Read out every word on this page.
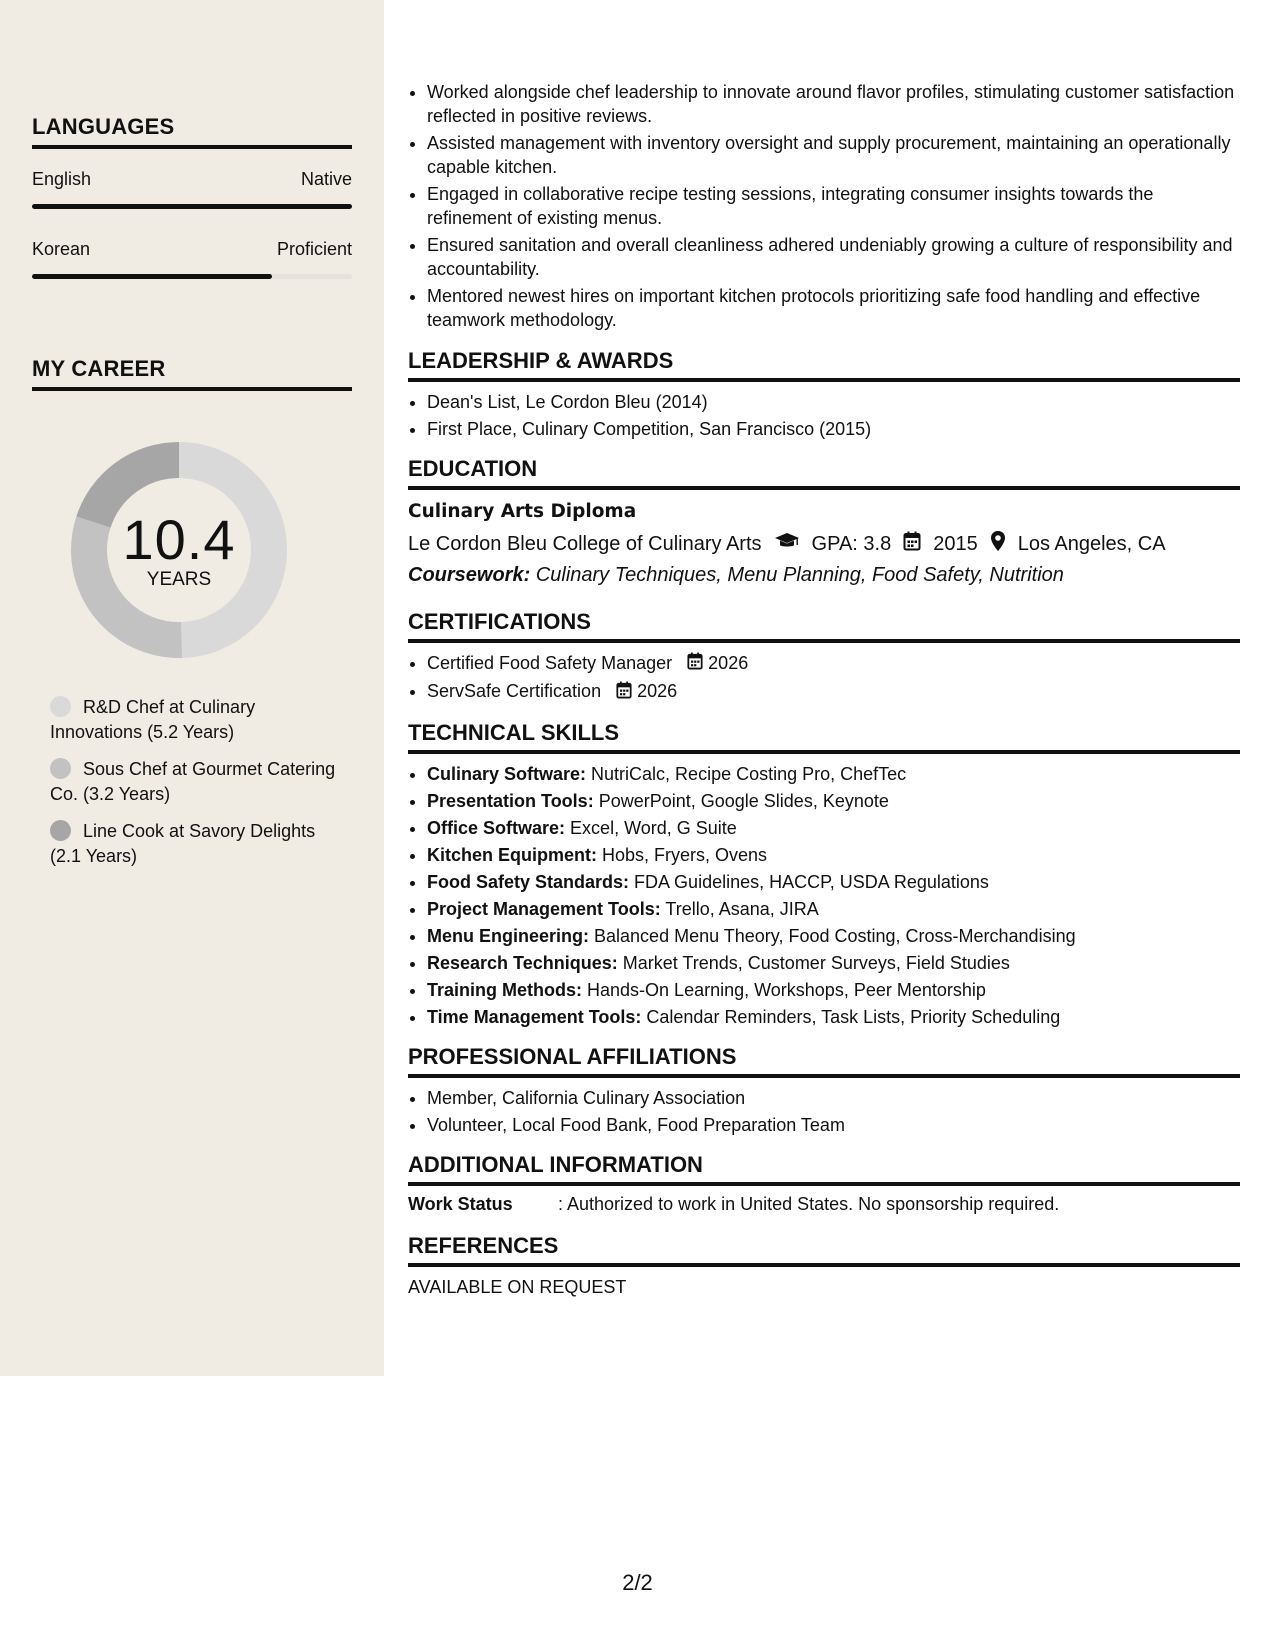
LANGUAGES
English	Native
Korean	Proficient
MY CAREER
10.4
YEARS
R&D Chef at Culinary Innovations (5.2 Years)
Sous Chef at Gourmet Catering Co. (3.2 Years)
Line Cook at Savory Delights (2.1 Years)
• Worked alongside chef leadership to innovate around flavor profiles, stimulating customer satisfaction reflected in positive reviews.
• Assisted management with inventory oversight and supply procurement, maintaining an operationally capable kitchen.
• Engaged in collaborative recipe testing sessions, integrating consumer insights towards the refinement of existing menus.
• Ensured sanitation and overall cleanliness adhered undeniably growing a culture of responsibility and accountability.
• Mentored newest hires on important kitchen protocols prioritizing safe food handling and effective teamwork methodology.
LEADERSHIP & AWARDS
• Dean's List, Le Cordon Bleu (2014)
• First Place, Culinary Competition, San Francisco (2015)
EDUCATION
Culinary Arts Diploma
Le Cordon Bleu College of Culinary Arts	GPA: 3.8 2015 Los Angeles, CA
Coursework: Culinary Techniques, Menu Planning, Food Safety, Nutrition
CERTIFICATIONS
• Certified Food Safety Manager 2026
• ServSafe Certification 2026
TECHNICAL SKILLS
• Culinary Software: NutriCalc, Recipe Costing Pro, ChefTec
• Presentation Tools: PowerPoint, Google Slides, Keynote
• Office Software: Excel, Word, G Suite
• Kitchen Equipment: Hobs, Fryers, Ovens
• Food Safety Standards: FDA Guidelines, HACCP, USDA Regulations
• Project Management Tools: Trello, Asana, JIRA
• Menu Engineering: Balanced Menu Theory, Food Costing, Cross-Merchandising
• Research Techniques: Market Trends, Customer Surveys, Field Studies
• Training Methods: Hands-On Learning, Workshops, Peer Mentorship
• Time Management Tools: Calendar Reminders, Task Lists, Priority Scheduling
PROFESSIONAL AFFILIATIONS
• Member, California Culinary Association
• Volunteer, Local Food Bank, Food Preparation Team
ADDITIONAL INFORMATION
Work Status	: Authorized to work in United States. No sponsorship required.
REFERENCES
AVAILABLE ON REQUEST
2/2
